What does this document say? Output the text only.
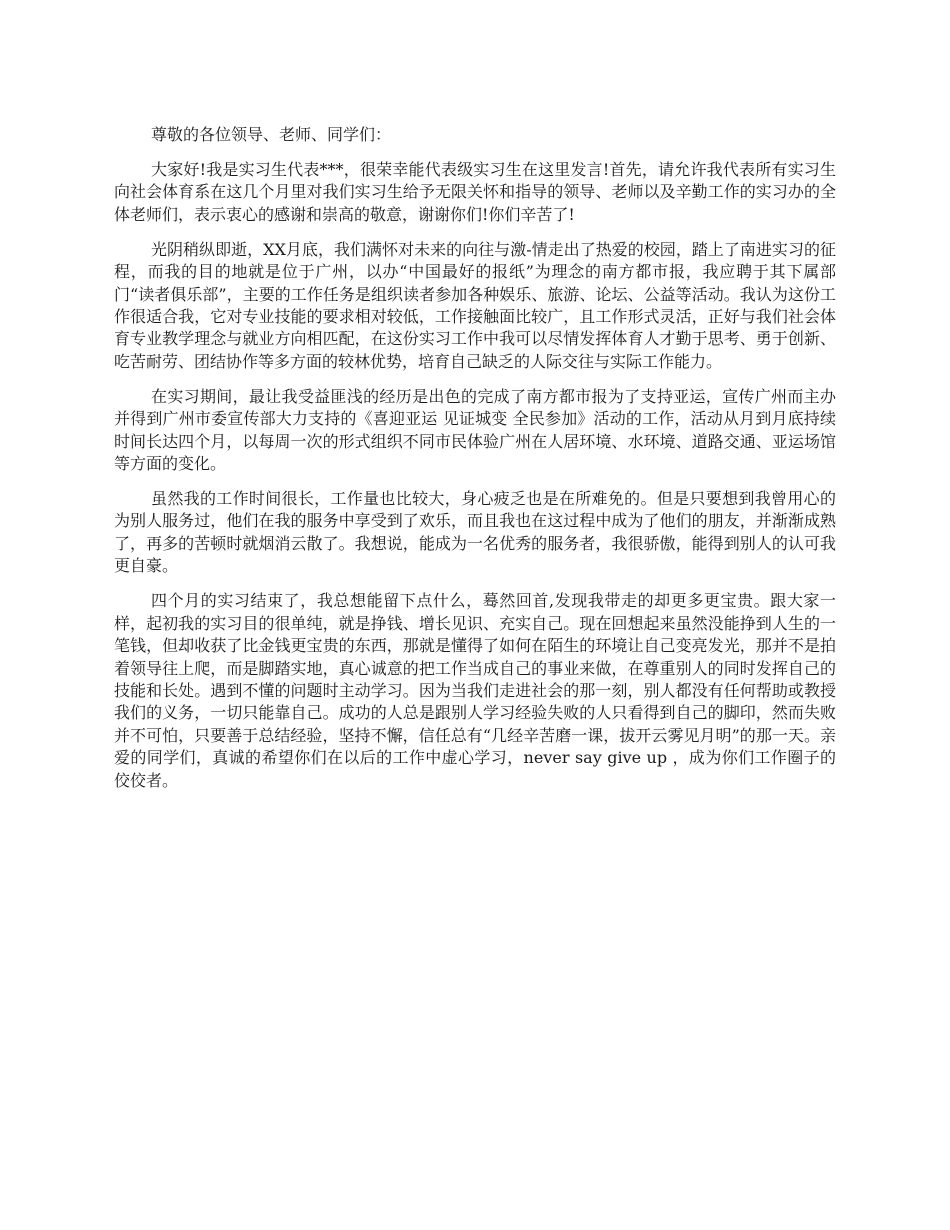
尊敬的各位领导、老师、同学们：

大家好!我是实习生代表***，很荣幸能代表级实习生在这里发言!首先，请允许我代表所有实习生向社会体育系在这几个月里对我们实习生给予无限关怀和指导的领导、老师以及辛勤工作的实习办的全体老师们，表示衷心的感谢和崇高的敬意，谢谢你们!你们辛苦了!

光阴稍纵即逝，XX月底，我们满怀对未来的向往与激-情走出了热爱的校园，踏上了南进实习的征程，而我的目的地就是位于广州，以办“中国最好的报纸”为理念的南方都市报，我应聘于其下属部门“读者俱乐部”，主要的工作任务是组织读者参加各种娱乐、旅游、论坛、公益等活动。我认为这份工作很适合我，它对专业技能的要求相对较低，工作接触面比较广，且工作形式灵活，正好与我们社会体育专业教学理念与就业方向相匹配，在这份实习工作中我可以尽情发挥体育人才勤于思考、勇于创新、吃苦耐劳、团结协作等多方面的较林优势，培育自己缺乏的人际交往与实际工作能力。

在实习期间，最让我受益匪浅的经历是出色的完成了南方都市报为了支持亚运，宣传广州而主办并得到广州市委宣传部大力支持的《喜迎亚运 见证城变 全民参加》活动的工作，活动从月到月底持续时间长达四个月，以每周一次的形式组织不同市民体验广州在人居环境、水环境、道路交通、亚运场馆等方面的变化。

虽然我的工作时间很长，工作量也比较大，身心疲乏也是在所难免的。但是只要想到我曾用心的为别人服务过，他们在我的服务中享受到了欢乐，而且我也在这过程中成为了他们的朋友，并渐渐成熟了，再多的苦顿时就烟消云散了。我想说，能成为一名优秀的服务者，我很骄傲，能得到别人的认可我更自豪。

四个月的实习结束了，我总想能留下点什么，蓦然回首,发现我带走的却更多更宝贵。跟大家一样，起初我的实习目的很单纯，就是挣钱、增长见识、充实自己。现在回想起来虽然没能挣到人生的一笔钱，但却收获了比金钱更宝贵的东西，那就是懂得了如何在陌生的环境让自己变亮发光，那并不是拍着领导往上爬，而是脚踏实地，真心诚意的把工作当成自己的事业来做，在尊重别人的同时发挥自己的技能和长处。遇到不懂的问题时主动学习。因为当我们走进社会的那一刻，别人都没有任何帮助或教授我们的义务，一切只能靠自己。成功的人总是跟别人学习经验失败的人只看得到自己的脚印，然而失败并不可怕，只要善于总结经验，坚持不懈，信任总有“几经辛苦磨一课，拔开云雾见月明”的那一天。亲爱的同学们，真诚的希望你们在以后的工作中虚心学习，never say give up ，成为你们工作圈子的佼佼者。
